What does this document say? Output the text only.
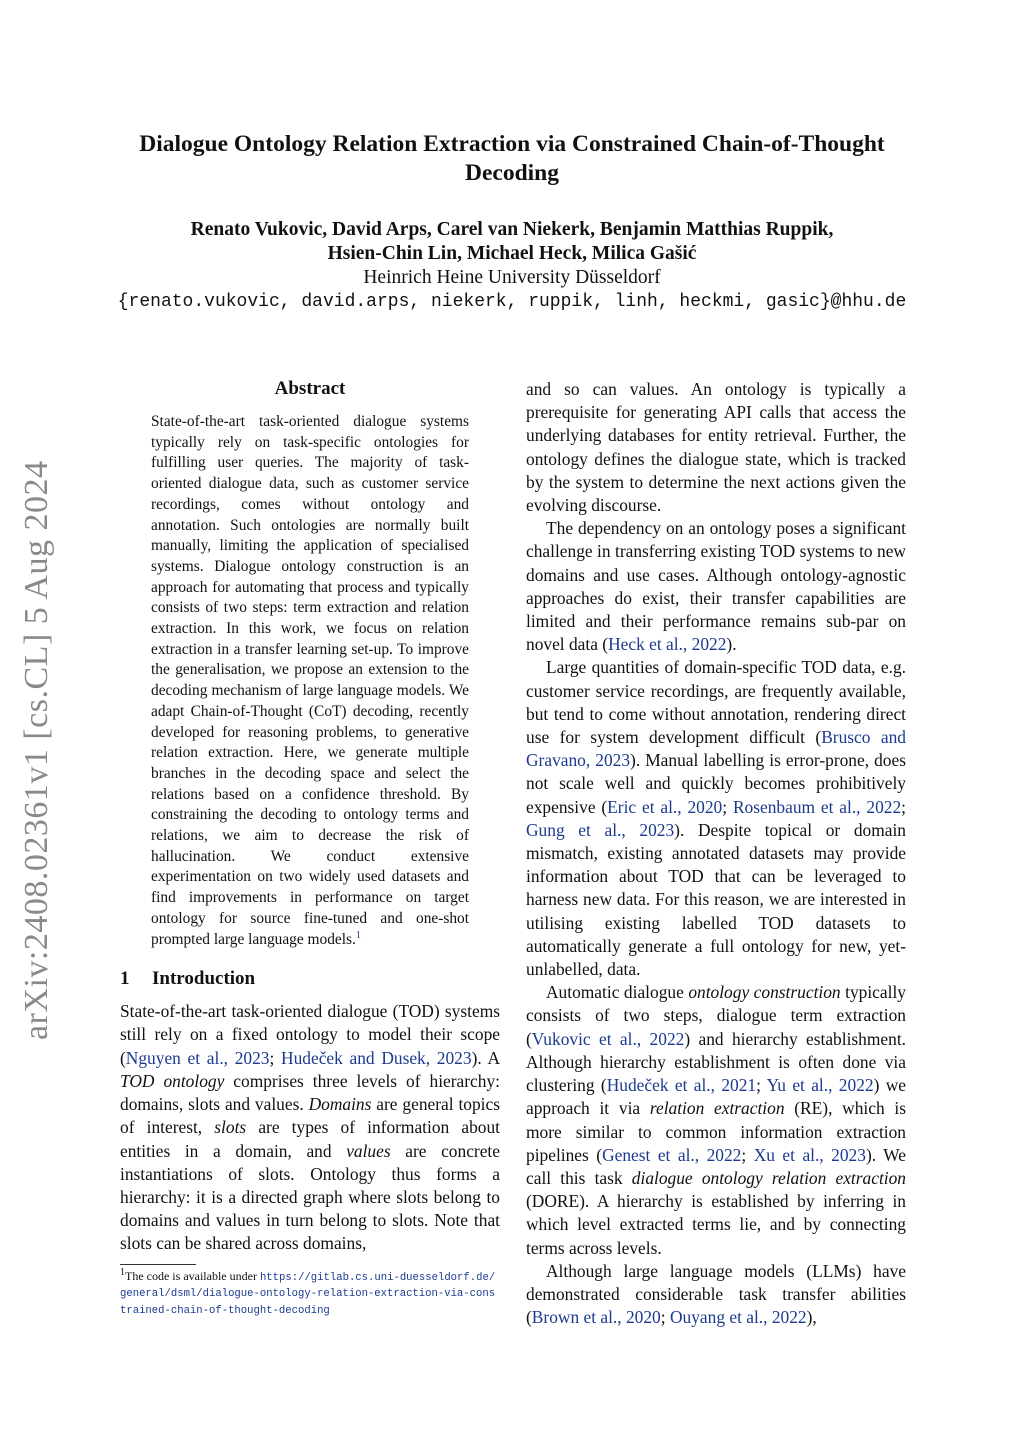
arXiv:2408.02361v1 [cs.CL] 5 Aug 2024
Dialogue Ontology Relation Extraction via Constrained Chain-of-Thought Decoding
Renato Vukovic, David Arps, Carel van Niekerk, Benjamin Matthias Ruppik,
Hsien-Chin Lin, Michael Heck, Milica Gašić
Heinrich Heine University Düsseldorf
{renato.vukovic, david.arps, niekerk, ruppik, linh, heckmi, gasic}@hhu.de
Abstract
State-of-the-art task-oriented dialogue systems typically rely on task-specific ontologies for fulfilling user queries. The majority of task-oriented dialogue data, such as customer service recordings, comes without ontology and annotation. Such ontologies are normally built manually, limiting the application of specialised systems. Dialogue ontology construction is an approach for automating that process and typically consists of two steps: term extraction and relation extraction. In this work, we focus on relation extraction in a transfer learning set-up. To improve the generalisation, we propose an extension to the decoding mechanism of large language models. We adapt Chain-of-Thought (CoT) decoding, recently developed for reasoning problems, to generative relation extraction. Here, we generate multiple branches in the decoding space and select the relations based on a confidence threshold. By constraining the decoding to ontology terms and relations, we aim to decrease the risk of hallucination. We conduct extensive experimentation on two widely used datasets and find improvements in performance on target ontology for source fine-tuned and one-shot prompted large language models.$^1$
1 Introduction

State-of-the-art task-oriented dialogue (TOD) systems still rely on a fixed ontology to model their scope (Nguyen et al., 2023; Hudeček and Dusek, 2023). A TOD ontology comprises three levels of hierarchy: domains, slots and values. Domains are general topics of interest, slots are types of information about entities in a domain, and values are concrete instantiations of slots. Ontology thus forms a hierarchy: it is a directed graph where slots belong to domains and values in turn belong to slots. Note that slots can be shared across domains,

$^1$The code is available under https://gitlab.cs.uni-duesseldorf.de/general/dsml/dialogue-ontology-relation-extraction-via-constrained-chain-of-thought-decoding

and so can values. An ontology is typically a prerequisite for generating API calls that access the underlying databases for entity retrieval. Further, the ontology defines the dialogue state, which is tracked by the system to determine the next actions given the evolving discourse.

The dependency on an ontology poses a significant challenge in transferring existing TOD systems to new domains and use cases. Although ontology-agnostic approaches do exist, their transfer capabilities are limited and their performance remains sub-par on novel data (Heck et al., 2022).

Large quantities of domain-specific TOD data, e.g. customer service recordings, are frequently available, but tend to come without annotation, rendering direct use for system development difficult (Brusco and Gravano, 2023). Manual labelling is error-prone, does not scale well and quickly becomes prohibitively expensive (Eric et al., 2020; Rosenbaum et al., 2022; Gung et al., 2023). Despite topical or domain mismatch, existing annotated datasets may provide information about TOD that can be leveraged to harness new data. For this reason, we are interested in utilising existing labelled TOD datasets to automatically generate a full ontology for new, yet-unlabelled, data.

Automatic dialogue ontology construction typically consists of two steps, dialogue term extraction (Vukovic et al., 2022) and hierarchy establishment. Although hierarchy establishment is often done via clustering (Hudeček et al., 2021; Yu et al., 2022) we approach it via relation extraction (RE), which is more similar to common information extraction pipelines (Genest et al., 2022; Xu et al., 2023). We call this task dialogue ontology relation extraction (DORE). A hierarchy is established by inferring in which level extracted terms lie, and by connecting terms across levels.

Although large language models (LLMs) have demonstrated considerable task transfer abilities (Brown et al., 2020; Ouyang et al., 2022),
